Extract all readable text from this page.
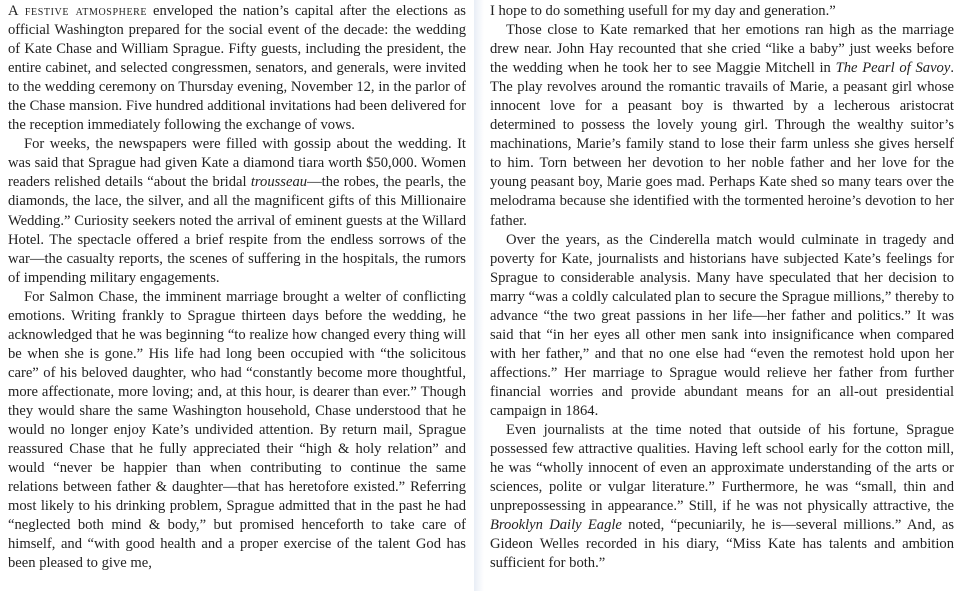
A festive atmosphere enveloped the nation’s capital after the elections as official Washington prepared for the social event of the decade: the wedding of Kate Chase and William Sprague. Fifty guests, including the president, the entire cabinet, and selected congressmen, senators, and generals, were invited to the wedding ceremony on Thursday evening, November 12, in the parlor of the Chase mansion. Five hundred additional invitations had been delivered for the reception immediately following the exchange of vows.

For weeks, the newspapers were filled with gossip about the wedding. It was said that Sprague had given Kate a diamond tiara worth $50,000. Women readers relished details “about the bridal trousseau—the robes, the pearls, the diamonds, the lace, the silver, and all the magnificent gifts of this Millionaire Wedding.” Curiosity seekers noted the arrival of eminent guests at the Willard Hotel. The spectacle offered a brief respite from the endless sorrows of the war—the casualty reports, the scenes of suffering in the hospitals, the rumors of impending military engagements.

For Salmon Chase, the imminent marriage brought a welter of conflicting emotions. Writing frankly to Sprague thirteen days before the wedding, he acknowledged that he was beginning “to realize how changed every thing will be when she is gone.” His life had long been occupied with “the solicitous care” of his beloved daughter, who had “constantly become more thoughtful, more affectionate, more loving; and, at this hour, is dearer than ever.” Though they would share the same Washington household, Chase understood that he would no longer enjoy Kate’s undivided attention. By return mail, Sprague reassured Chase that he fully appreciated their “high & holy relation” and would “never be happier than when contributing to continue the same relations between father & daughter—that has heretofore existed.” Referring most likely to his drinking problem, Sprague admitted that in the past he had “neglected both mind & body,” but promised henceforth to take care of himself, and “with good health and a proper exercise of the talent God has been pleased to give me,

I hope to do something usefull for my day and generation.”

Those close to Kate remarked that her emotions ran high as the marriage drew near. John Hay recounted that she cried “like a baby” just weeks before the wedding when he took her to see Maggie Mitchell in The Pearl of Savoy. The play revolves around the romantic travails of Marie, a peasant girl whose innocent love for a peasant boy is thwarted by a lecherous aristocrat determined to possess the lovely young girl. Through the wealthy suitor’s machinations, Marie’s family stand to lose their farm unless she gives herself to him. Torn between her devotion to her noble father and her love for the young peasant boy, Marie goes mad. Perhaps Kate shed so many tears over the melodrama because she identified with the tormented heroine’s devotion to her father.

Over the years, as the Cinderella match would culminate in tragedy and poverty for Kate, journalists and historians have subjected Kate’s feelings for Sprague to considerable analysis. Many have speculated that her decision to marry “was a coldly calculated plan to secure the Sprague millions,” thereby to advance “the two great passions in her life—her father and politics.” It was said that “in her eyes all other men sank into insignificance when compared with her father,” and that no one else had “even the remotest hold upon her affections.” Her marriage to Sprague would relieve her father from further financial worries and provide abundant means for an all-out presidential campaign in 1864.

Even journalists at the time noted that outside of his fortune, Sprague possessed few attractive qualities. Having left school early for the cotton mill, he was “wholly innocent of even an approximate understanding of the arts or sciences, polite or vulgar literature.” Furthermore, he was “small, thin and unprepossessing in appearance.” Still, if he was not physically attractive, the Brooklyn Daily Eagle noted, “pecuniarily, he is—several millions.” And, as Gideon Welles recorded in his diary, “Miss Kate has talents and ambition sufficient for both.”
